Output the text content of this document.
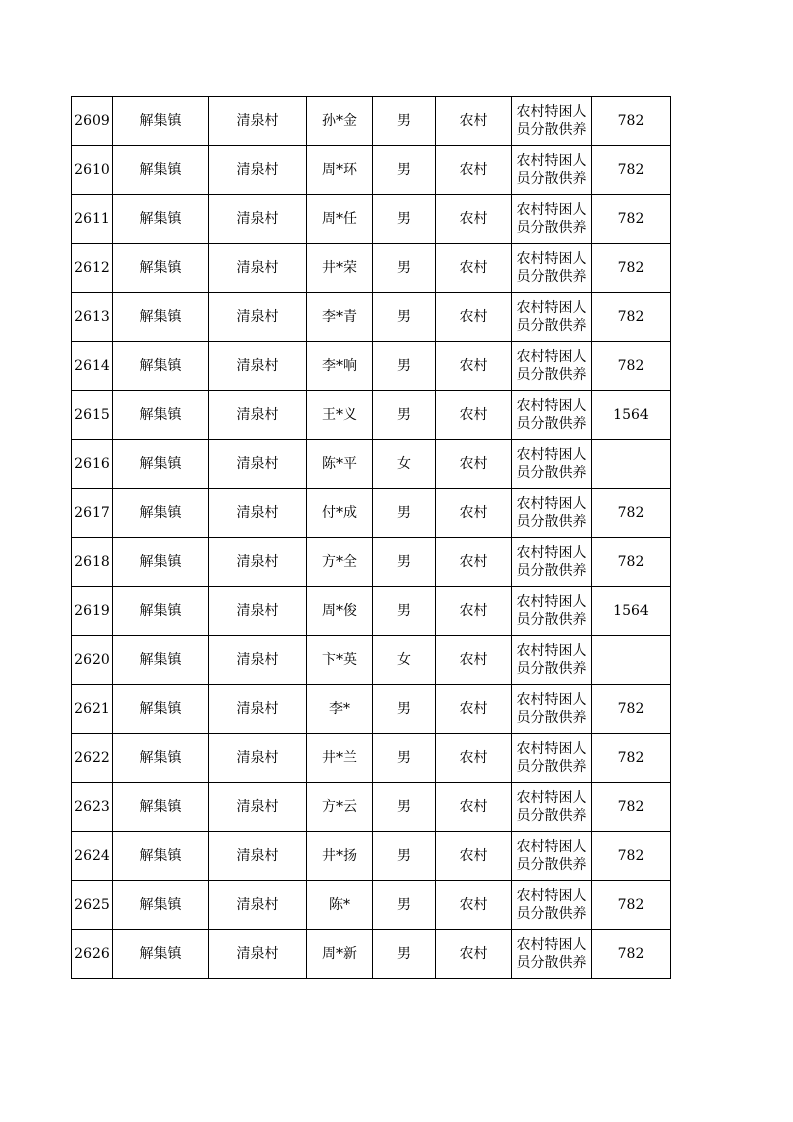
2609	解集镇	清泉村	孙*金	男	农村	农村特困人员分散供养	782
2610	解集镇	清泉村	周*环	男	农村	农村特困人员分散供养	782
2611	解集镇	清泉村	周*任	男	农村	农村特困人员分散供养	782
2612	解集镇	清泉村	井*荣	男	农村	农村特困人员分散供养	782
2613	解集镇	清泉村	李*青	男	农村	农村特困人员分散供养	782
2614	解集镇	清泉村	李*响	男	农村	农村特困人员分散供养	782
2615	解集镇	清泉村	王*义	男	农村	农村特困人员分散供养	1564
2616	解集镇	清泉村	陈*平	女	农村	农村特困人员分散供养	
2617	解集镇	清泉村	付*成	男	农村	农村特困人员分散供养	782
2618	解集镇	清泉村	方*全	男	农村	农村特困人员分散供养	782
2619	解集镇	清泉村	周*俊	男	农村	农村特困人员分散供养	1564
2620	解集镇	清泉村	卞*英	女	农村	农村特困人员分散供养	
2621	解集镇	清泉村	李*	男	农村	农村特困人员分散供养	782
2622	解集镇	清泉村	井*兰	男	农村	农村特困人员分散供养	782
2623	解集镇	清泉村	方*云	男	农村	农村特困人员分散供养	782
2624	解集镇	清泉村	井*扬	男	农村	农村特困人员分散供养	782
2625	解集镇	清泉村	陈*	男	农村	农村特困人员分散供养	782
2626	解集镇	清泉村	周*新	男	农村	农村特困人员分散供养	782
